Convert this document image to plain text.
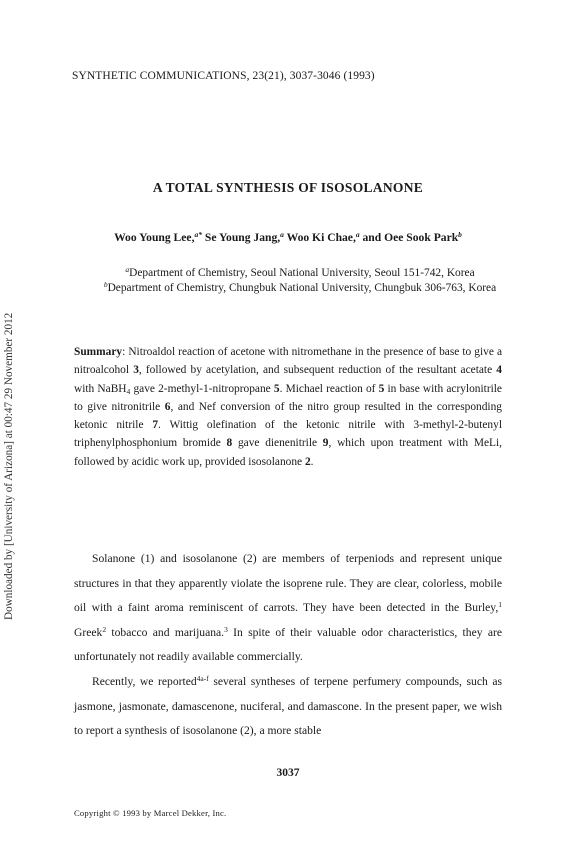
SYNTHETIC COMMUNICATIONS, 23(21), 3037-3046 (1993)
Downloaded by [University of Arizona] at 00:47 29 November 2012
A TOTAL SYNTHESIS OF ISOSOLANONE
Woo Young Lee,$^{a*}$ Se Young Jang,$^a$ Woo Ki Chae,$^a$ and Oee Sook Park$^b$
$^a$Department of Chemistry, Seoul National University, Seoul 151-742, Korea
$^b$Department of Chemistry, Chungbuk National University, Chungbuk 306-763, Korea
Summary: Nitroaldol reaction of acetone with nitromethane in the presence of base to give a nitroalcohol 3, followed by acetylation, and subsequent reduction of the resultant acetate 4 with NaBH$_4$ gave 2-methyl-1-nitropropane 5. Michael reaction of 5 in base with acrylonitrile to give nitronitrile 6, and Nef conversion of the nitro group resulted in the corresponding ketonic nitrile 7. Wittig olefination of the ketonic nitrile with 3-methyl-2-butenyl triphenylphosphonium bromide 8 gave dienenitrile 9, which upon treatment with MeLi, followed by acidic work up, provided isosolanone 2.

Solanone (1) and isosolanone (2) are members of terpeniods and represent unique structures in that they apparently violate the isoprene rule. They are clear, colorless, mobile oil with a faint aroma reminiscent of carrots. They have been detected in the Burley,$^1$ Greek$^2$ tobacco and marijuana.$^3$ In spite of their valuable odor characteristics, they are unfortunately not readily available commercially.

Recently, we reported$^{4a-f}$ several syntheses of terpene perfumery compounds, such as jasmone, jasmonate, damascenone, nuciferal, and damascone. In the present paper, we wish to report a synthesis of isosolanone (2), a more stable

3037
Copyright © 1993 by Marcel Dekker, Inc.
